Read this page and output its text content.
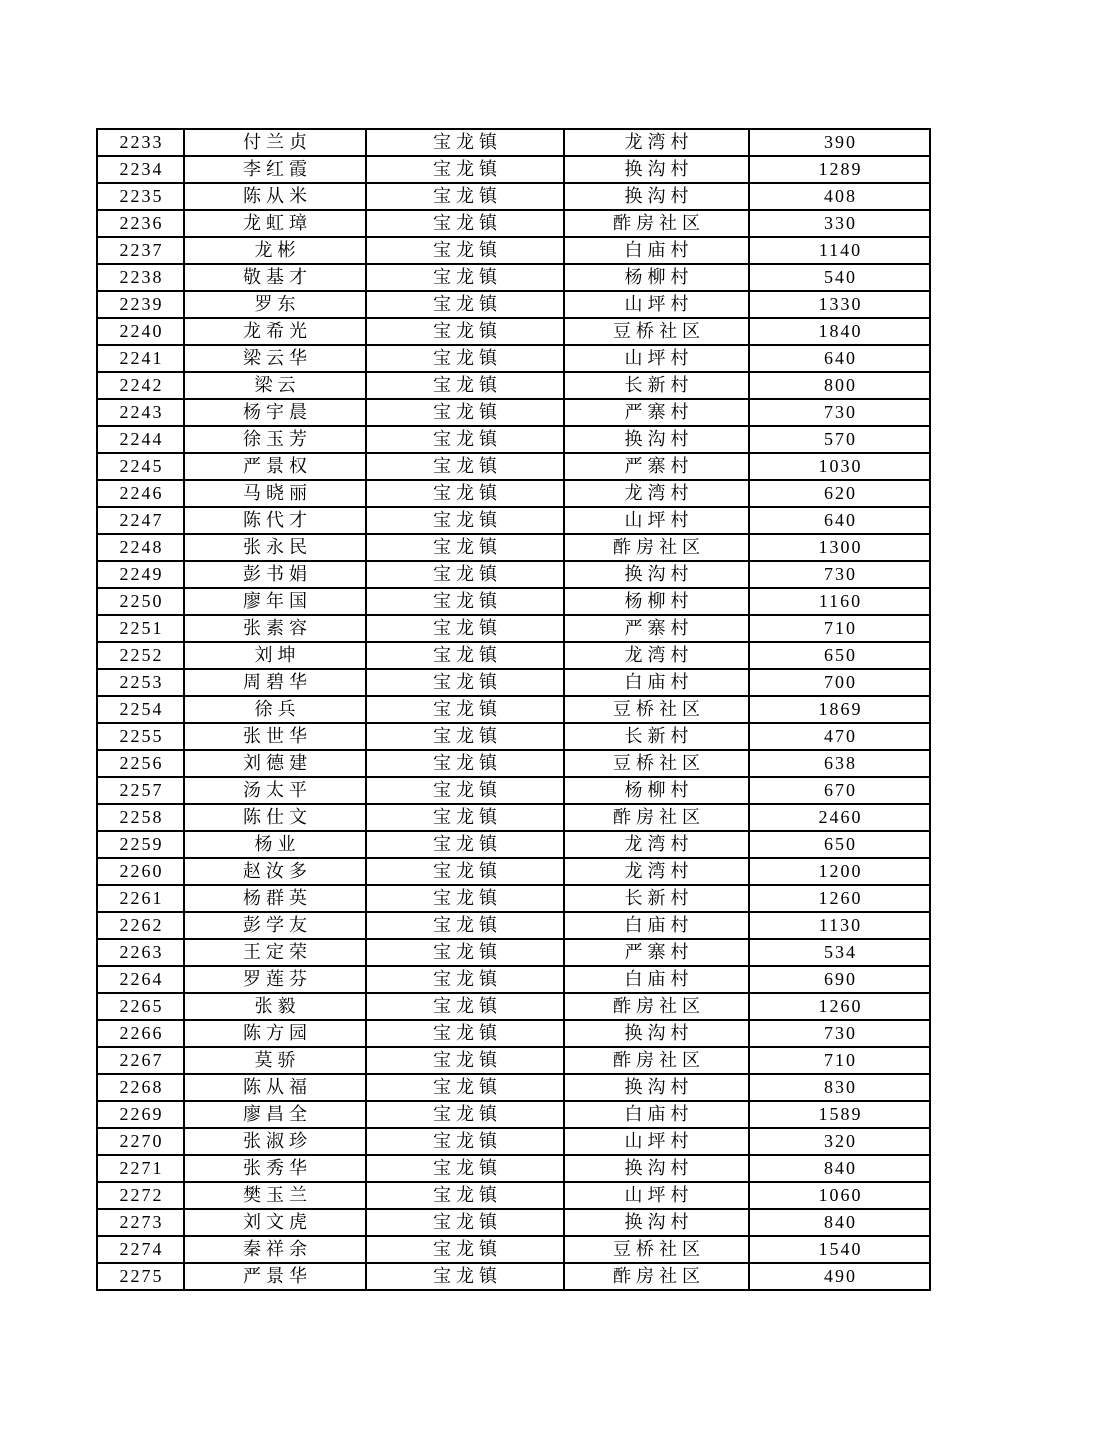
2233	付兰贞	宝龙镇	龙湾村	390
2234	李红霞	宝龙镇	换沟村	1289
2235	陈从米	宝龙镇	换沟村	408
2236	龙虹璋	宝龙镇	酢房社区	330
2237	龙彬	宝龙镇	白庙村	1140
2238	敬基才	宝龙镇	杨柳村	540
2239	罗东	宝龙镇	山坪村	1330
2240	龙希光	宝龙镇	豆桥社区	1840
2241	梁云华	宝龙镇	山坪村	640
2242	梁云	宝龙镇	长新村	800
2243	杨宇晨	宝龙镇	严寨村	730
2244	徐玉芳	宝龙镇	换沟村	570
2245	严景权	宝龙镇	严寨村	1030
2246	马晓丽	宝龙镇	龙湾村	620
2247	陈代才	宝龙镇	山坪村	640
2248	张永民	宝龙镇	酢房社区	1300
2249	彭书娟	宝龙镇	换沟村	730
2250	廖年国	宝龙镇	杨柳村	1160
2251	张素容	宝龙镇	严寨村	710
2252	刘坤	宝龙镇	龙湾村	650
2253	周碧华	宝龙镇	白庙村	700
2254	徐兵	宝龙镇	豆桥社区	1869
2255	张世华	宝龙镇	长新村	470
2256	刘德建	宝龙镇	豆桥社区	638
2257	汤太平	宝龙镇	杨柳村	670
2258	陈仕文	宝龙镇	酢房社区	2460
2259	杨业	宝龙镇	龙湾村	650
2260	赵汝多	宝龙镇	龙湾村	1200
2261	杨群英	宝龙镇	长新村	1260
2262	彭学友	宝龙镇	白庙村	1130
2263	王定荣	宝龙镇	严寨村	534
2264	罗莲芬	宝龙镇	白庙村	690
2265	张毅	宝龙镇	酢房社区	1260
2266	陈方园	宝龙镇	换沟村	730
2267	莫骄	宝龙镇	酢房社区	710
2268	陈从福	宝龙镇	换沟村	830
2269	廖昌全	宝龙镇	白庙村	1589
2270	张淑珍	宝龙镇	山坪村	320
2271	张秀华	宝龙镇	换沟村	840
2272	樊玉兰	宝龙镇	山坪村	1060
2273	刘文虎	宝龙镇	换沟村	840
2274	秦祥余	宝龙镇	豆桥社区	1540
2275	严景华	宝龙镇	酢房社区	490
